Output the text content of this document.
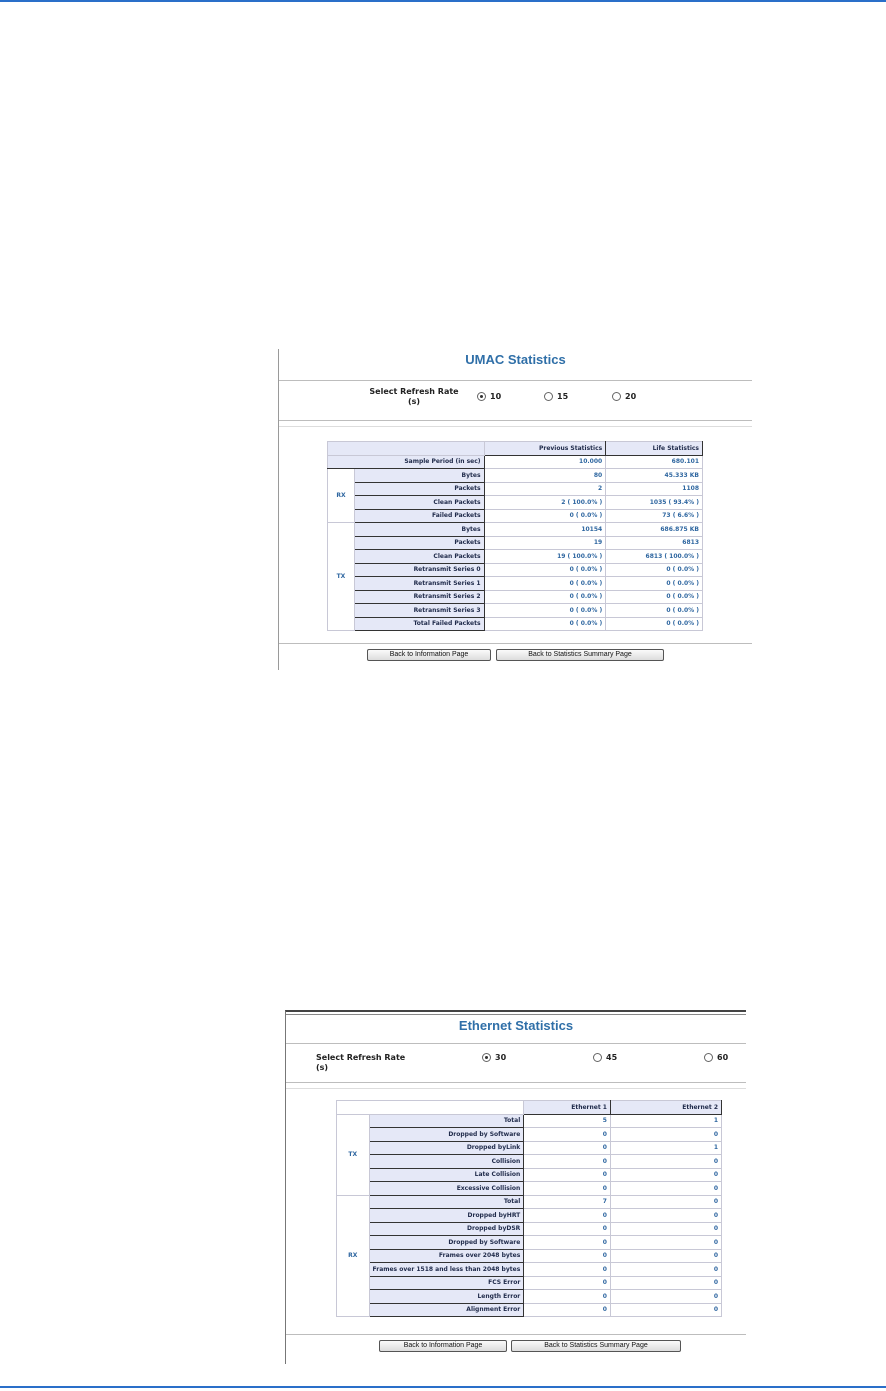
UMAC Statistics
Select Refresh Rate
(s)
10	15	20
		Previous Statistics	Life Statistics
Sample Period (in sec)		10.000	680.101
RX	Bytes	80	45.333 KB
	Packets	2	1108
	Clean Packets	2 ( 100.0% )	1035 ( 93.4% )
	Failed Packets	0 ( 0.0% )	73 ( 6.6% )
TX	Bytes	10154	686.875 KB
	Packets	19	6813
	Clean Packets	19 ( 100.0% )	6813 ( 100.0% )
	Retransmit Series 0	0 ( 0.0% )	0 ( 0.0% )
	Retransmit Series 1	0 ( 0.0% )	0 ( 0.0% )
	Retransmit Series 2	0 ( 0.0% )	0 ( 0.0% )
	Retransmit Series 3	0 ( 0.0% )	0 ( 0.0% )
	Total Failed Packets	0 ( 0.0% )	0 ( 0.0% )
Back to Information Page	Back to Statistics Summary Page
Ethernet Statistics
Select Refresh Rate (s)
30	45	60
		Ethernet 1	Ethernet 2
TX	Total	5	1
	Dropped by Software	0	0
	Dropped byLink	0	1
	Collision	0	0
	Late Collision	0	0
	Excessive Collision	0	0
RX	Total	7	0
	Dropped byHRT	0	0
	Dropped byDSR	0	0
	Dropped by Software	0	0
	Frames over 2048 bytes	0	0
	Frames over 1518 and less than 2048 bytes	0	0
	FCS Error	0	0
	Length Error	0	0
	Alignment Error	0	0
Back to Information Page	Back to Statistics Summary Page
